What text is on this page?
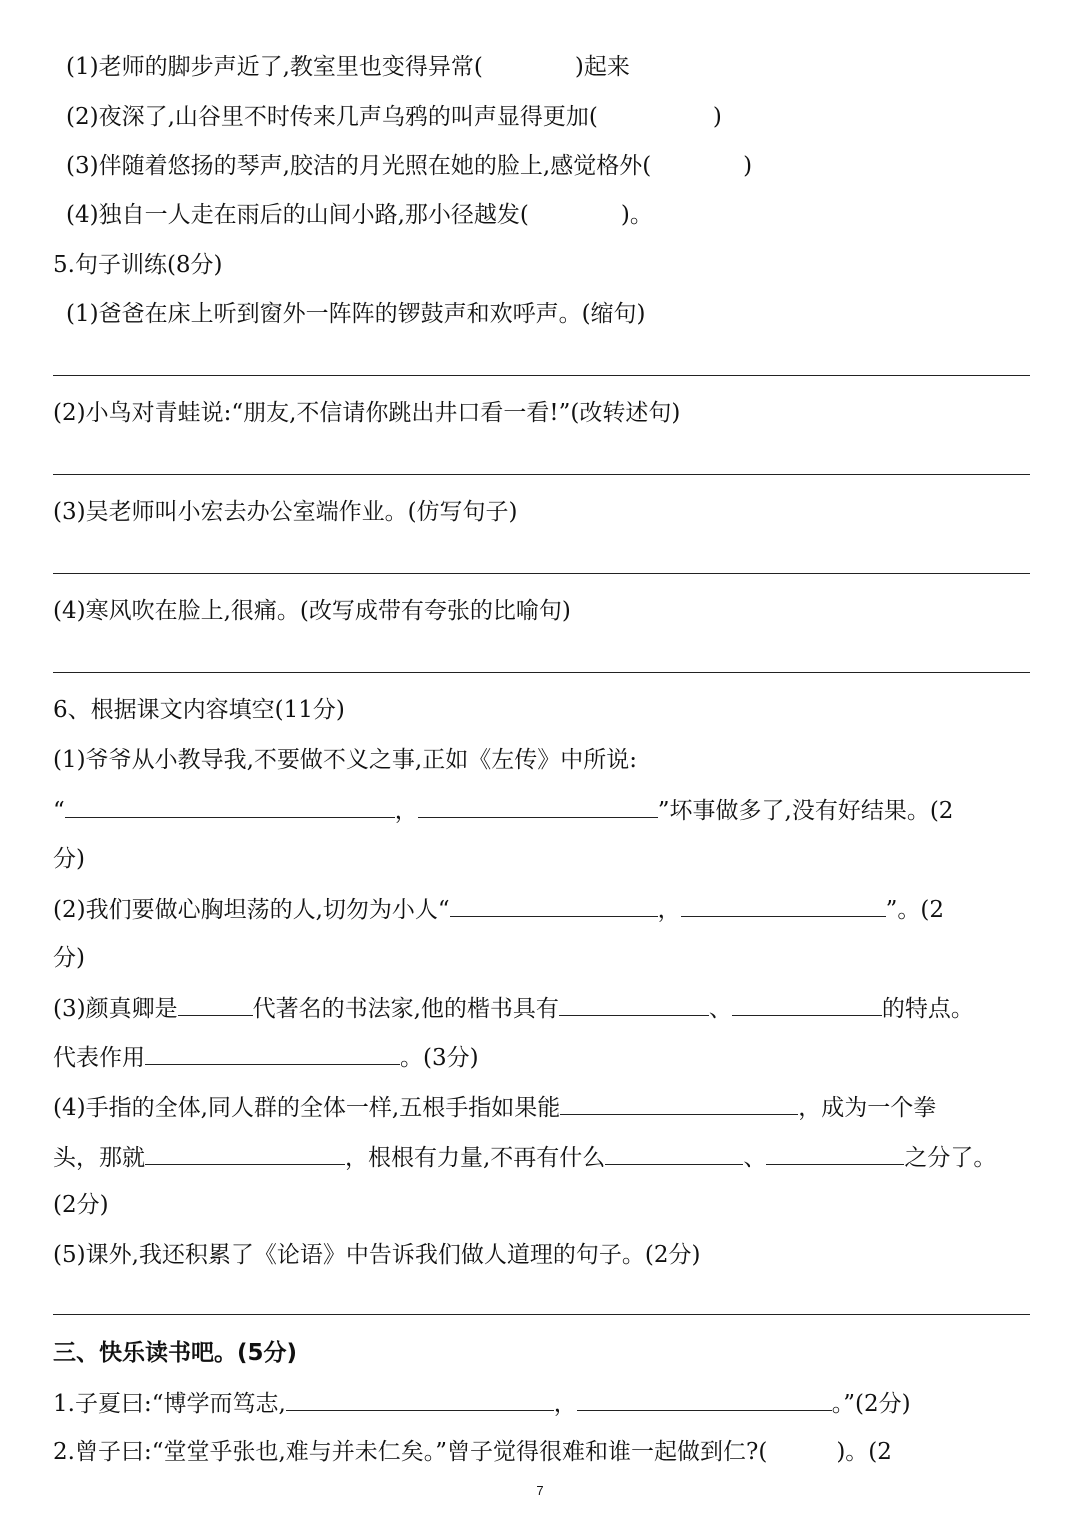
(1)老师的脚步声近了,教室里也变得异常(　　　　)起来
(2)夜深了,山谷里不时传来几声乌鸦的叫声显得更加(　　　　　)
(3)伴随着悠扬的琴声,胶洁的月光照在她的脸上,感觉格外(　　　　)
(4)独自一人走在雨后的山间小路,那小径越发(　　　　)。
5.句子训练(8分)
(1)爸爸在床上听到窗外一阵阵的锣鼓声和欢呼声。(缩句)
(2)小鸟对青蛙说:“朋友,不信请你跳出井口看一看!”(改转述句)
(3)吴老师叫小宏去办公室端作业。(仿写句子)
(4)寒风吹在脸上,很痛。(改写成带有夸张的比喻句)
6、根据课文内容填空(11分)
(1)爷爷从小教导我,不要做不义之事,正如《左传》中所说:
“	，	”坏事做多了,没有好结果。(2
分)
(2)我们要做心胸坦荡的人,切勿为小人“	，	”。(2
分)
(3)颜真卿是	代著名的书法家,他的楷书具有	、	的特点。
代表作用	。(3分)
(4)手指的全体,同人群的全体一样,五根手指如果能	，成为一个拳
头，那就	，根根有力量,不再有什么	、	之分了。
(2分)
(5)课外,我还积累了《论语》中告诉我们做人道理的句子。(2分)
三、快乐读书吧。(5分)
1.子夏曰:“博学而笃志,	，	。”(2分)
2.曾子曰:“堂堂乎张也,难与并未仁矣。”曾子觉得很难和谁一起做到仁?(　　　)。(2
7
